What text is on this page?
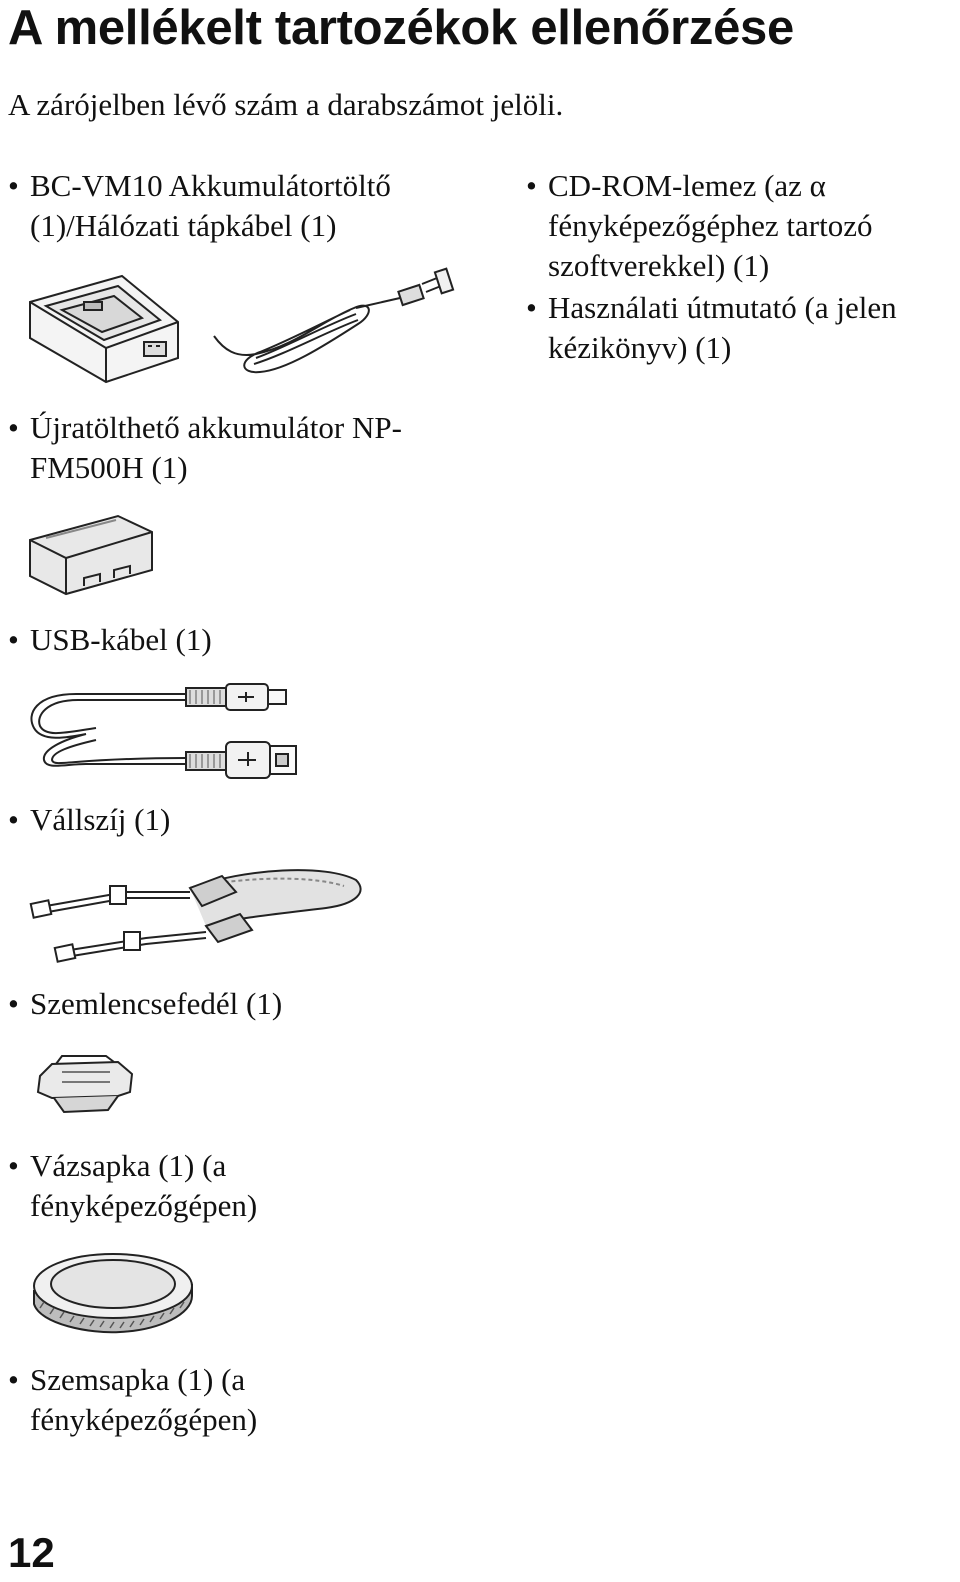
A mellékelt tartozékok ellenőrzése

A zárójelben lévő szám a darabszámot jelöli.

• BC-VM10 Akkumulátortöltő
(1)/Hálózati tápkábel (1)
• Újratölthető akkumulátor NP-
FM500H (1)
• USB-kábel (1)
• Vállszíj (1)
• Szemlencsefedél (1)
• Vázsapka (1) (a
fényképezőgépen)
• Szemsapka (1) (a
fényképezőgépen)
• CD-ROM-lemez (az α
fényképezőgéphez tartozó
szoftverekkel) (1)
• Használati útmutató (a jelen
kézikönyv) (1)

12
